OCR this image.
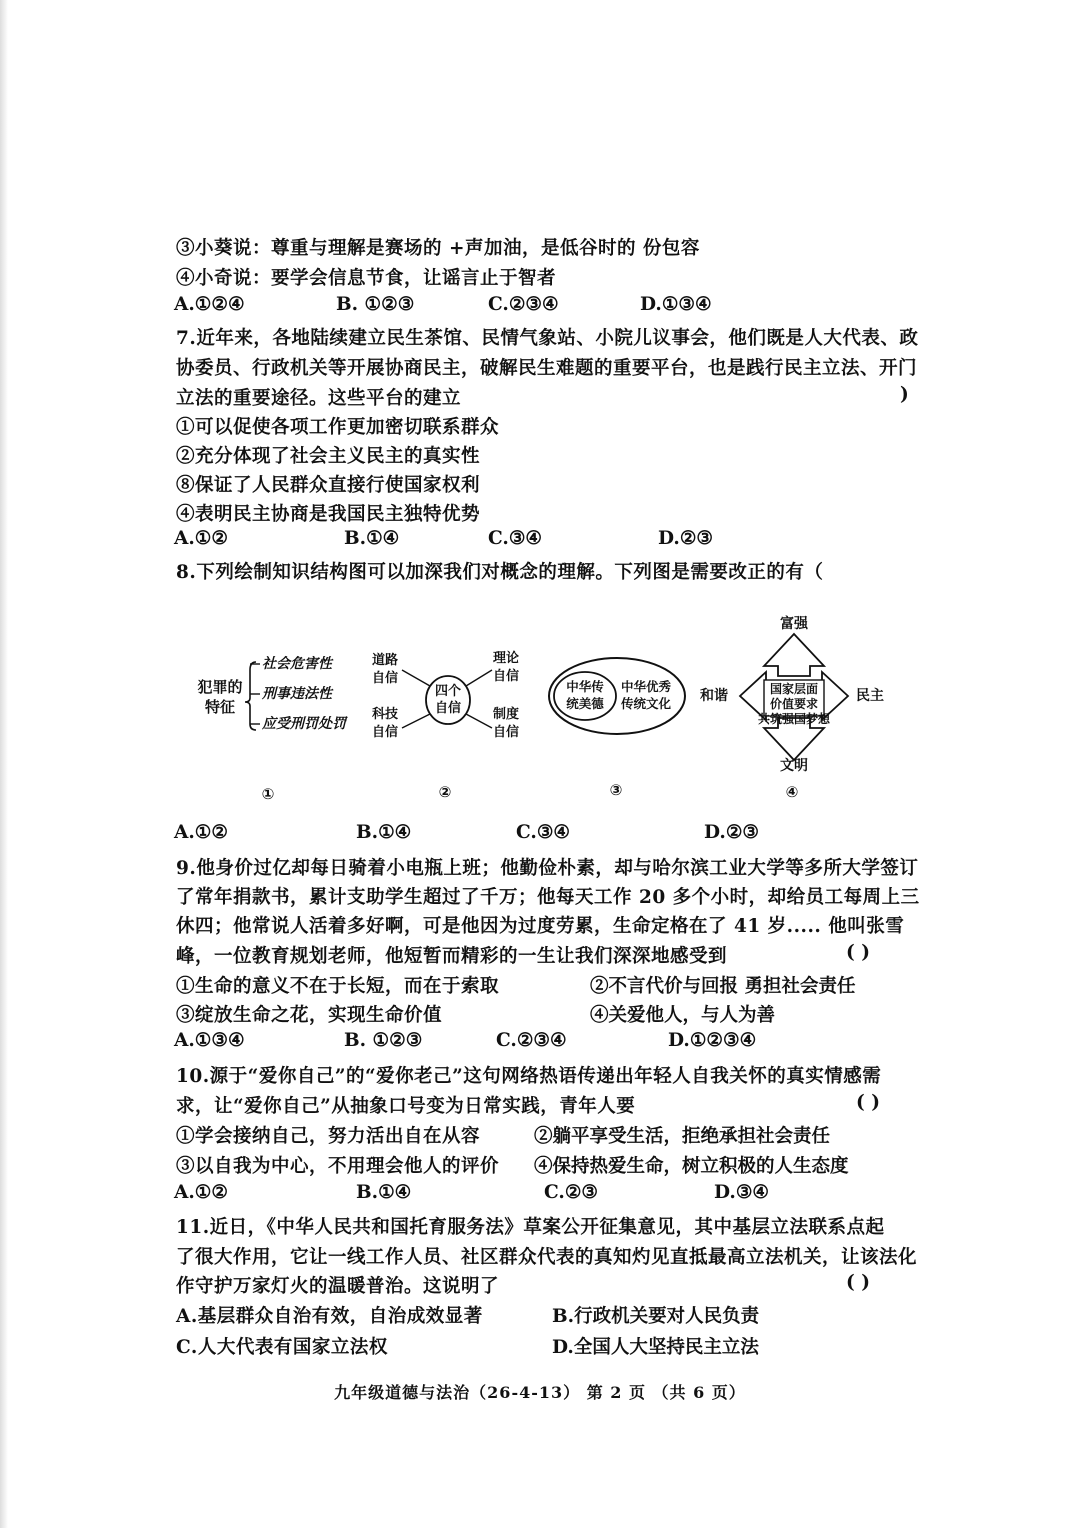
③小葵说：尊重与理解是赛场的 +声加油，是低谷时的 份包容
④小奇说：要学会信息节食，让谣言止于智者
A.①②④	B. ①②③	C.②③④	D.①③④
7.近年来，各地陆续建立民生茶馆、民情气象站、小院儿议事会，他们既是人大代表、政
协委员、行政机关等开展协商民主，破解民生难题的重要平台，也是践行民主立法、开门
立法的重要途径。这些平台的建立	)
①可以促使各项工作更加密切联系群众
②充分体现了社会主义民主的真实性
⑧保证了人民群众直接行使国家权利
④表明民主协商是我国民主独特优势
A.①②	B.①④	C.③④	D.②③
8.下列绘制知识结构图可以加深我们对概念的理解。下列图是需要改正的有（
犯罪的
特征
社会危害性
刑事违法性
应受刑罚处罚
①
四个
自信
道路
自信
理论
自信
科技
自信
制度
自信
②
中华传
统美德
中华优秀
传统文化
③
富强
和谐	民主
文明
国家层面
价值要求
共筑强国梦想
④
A.①②	B.①④	C.③④	D.②③
9.他身价过亿却每日骑着小电瓶上班；他勤俭朴素，却与哈尔滨工业大学等多所大学签订
了常年捐款书，累计支助学生超过了千万；他每天工作 20 多个小时，却给员工每周上三
休四；他常说人活着多好啊，可是他因为过度劳累，生命定格在了 41 岁..... 他叫张雪
峰，一位教育规划老师，他短暂而精彩的一生让我们深深地感受到	( )
①生命的意义不在于长短，而在于索取	②不言代价与回报 勇担社会责任
③绽放生命之花，实现生命价值	④关爱他人，与人为善
A.①③④	B. ①②③	C.②③④	D.①②③④
10.源于“爱你自己”的“爱你老己”这句网络热语传递出年轻人自我关怀的真实情感需
求，让“爱你自己”从抽象口号变为日常实践，青年人要	( )
①学会接纳自己，努力活出自在从容	②躺平享受生活，拒绝承担社会责任
③以自我为中心，不用理会他人的评价 ④保持热爱生命，树立积极的人生态度
A.①②	B.①④	C.②③	D.③④
11.近日，《中华人民共和国托育服务法》草案公开征集意见，其中基层立法联系点起
了很大作用，它让一线工作人员、社区群众代表的真知灼见直抵最高立法机关，让该法化
作守护万家灯火的温暖普治。这说明了	( )
A.基层群众自治有效，自治成效显著	B.行政机关要对人民负责
C.人大代表有国家立法权	D.全国人大坚持民主立法
九年级道德与法治（26-4-13） 第 2 页 （共 6 页）
